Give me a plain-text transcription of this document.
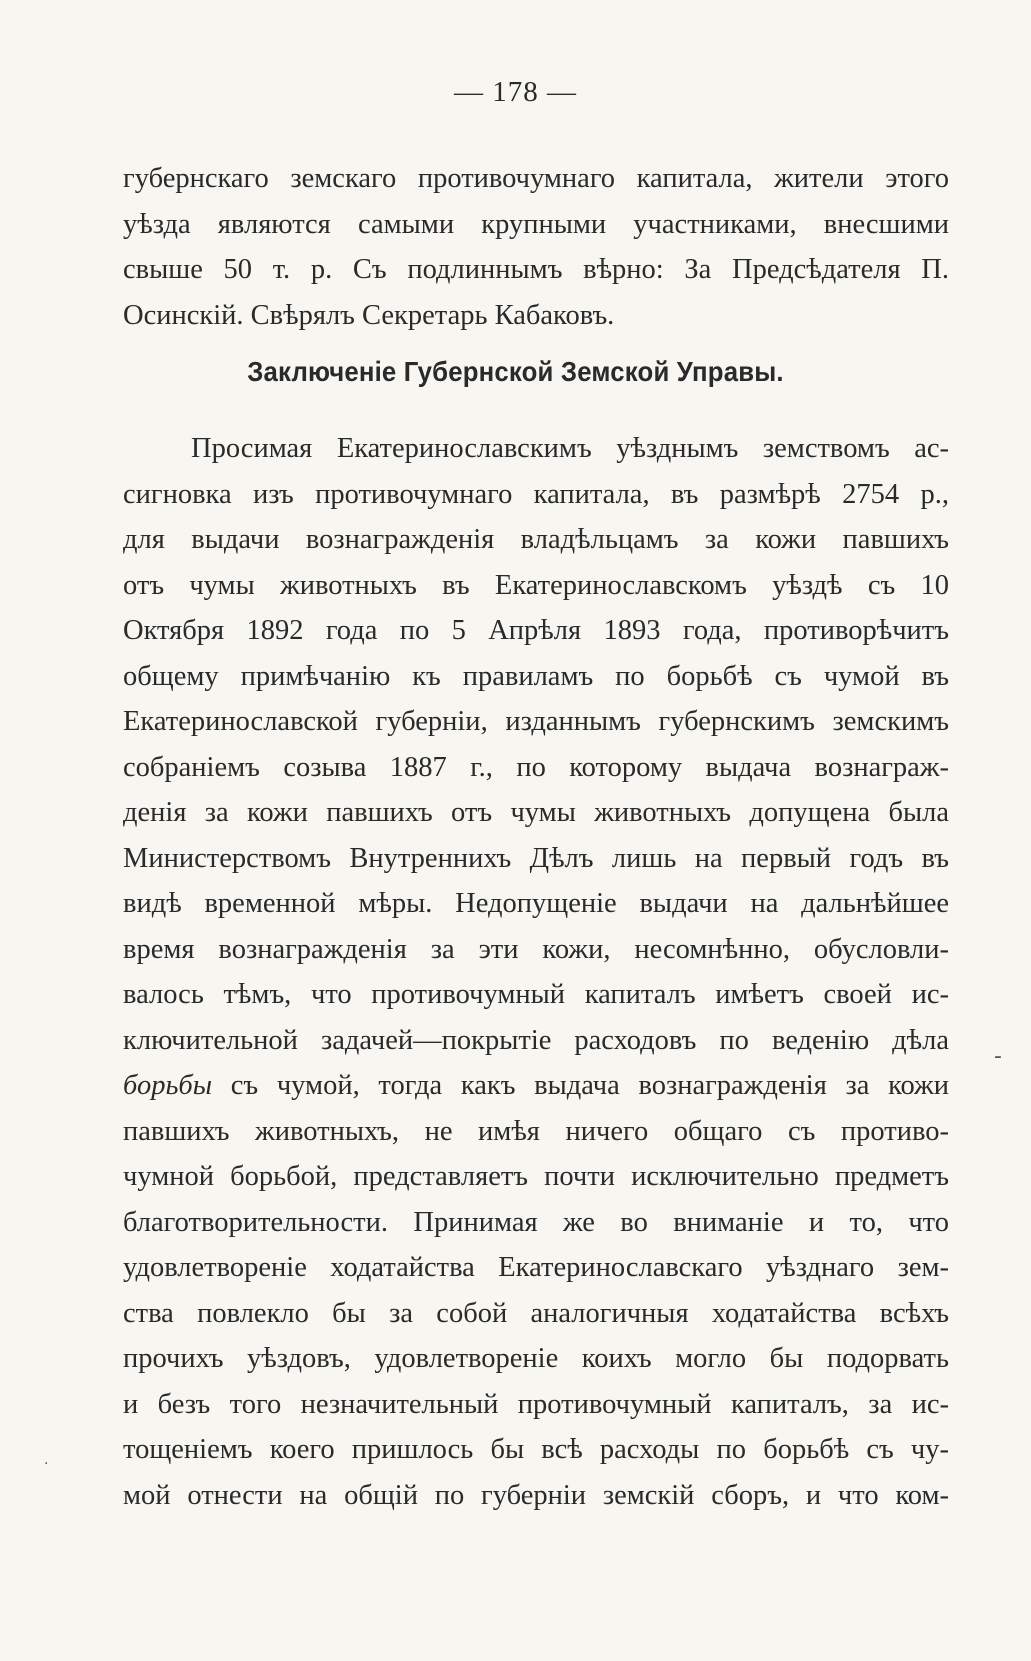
— 178 —
губернскаго земскаго противочумнаго капитала, жители этого
уѣзда являются самыми крупными участниками, внесшими
свыше 50 т. р. Съ подлиннымъ вѣрно: За Предсѣдателя П.
Осинскій. Свѣрялъ Секретарь Кабаковъ.
Заключеніе Губернской Земской Управы.
Просимая Екатеринославскимъ уѣзднымъ земствомъ ас-
сигновка изъ противочумнаго капитала, въ размѣрѣ 2754 р.,
для выдачи вознагражденія владѣльцамъ за кожи павшихъ
отъ чумы животныхъ въ Екатеринославскомъ уѣздѣ съ 10
Октября 1892 года по 5 Апрѣля 1893 года, противорѣчитъ
общему примѣчанію къ правиламъ по борьбѣ съ чумой въ
Екатеринославской губерніи, изданнымъ губернскимъ земскимъ
собраніемъ созыва 1887 г., по которому выдача вознаграж-
денія за кожи павшихъ отъ чумы животныхъ допущена была
Министерствомъ Внутреннихъ Дѣлъ лишь на первый годъ въ
видѣ временной мѣры. Недопущеніе выдачи на дальнѣйшее
время вознагражденія за эти кожи, несомнѣнно, обусловли-
валось тѣмъ, что противочумный капиталъ имѣетъ своей ис-
ключительной задачей—покрытіе расходовъ по веденію дѣла
борьбы съ чумой, тогда какъ выдача вознагражденія за кожи
павшихъ животныхъ, не имѣя ничего общаго съ противо-
чумной борьбой, представляетъ почти исключительно предметъ
благотворительности. Принимая же во вниманіе и то, что
удовлетвореніе ходатайства Екатеринославскаго уѣзднаго зем-
ства повлекло бы за собой аналогичныя ходатайства всѣхъ
прочихъ уѣздовъ, удовлетвореніе коихъ могло бы подорвать
и безъ того незначительный противочумный капиталъ, за ис-
тощеніемъ коего пришлось бы всѣ расходы по борьбѣ съ чу-
мой отнести на общій по губерніи земскій сборъ, и что ком-
-
.
